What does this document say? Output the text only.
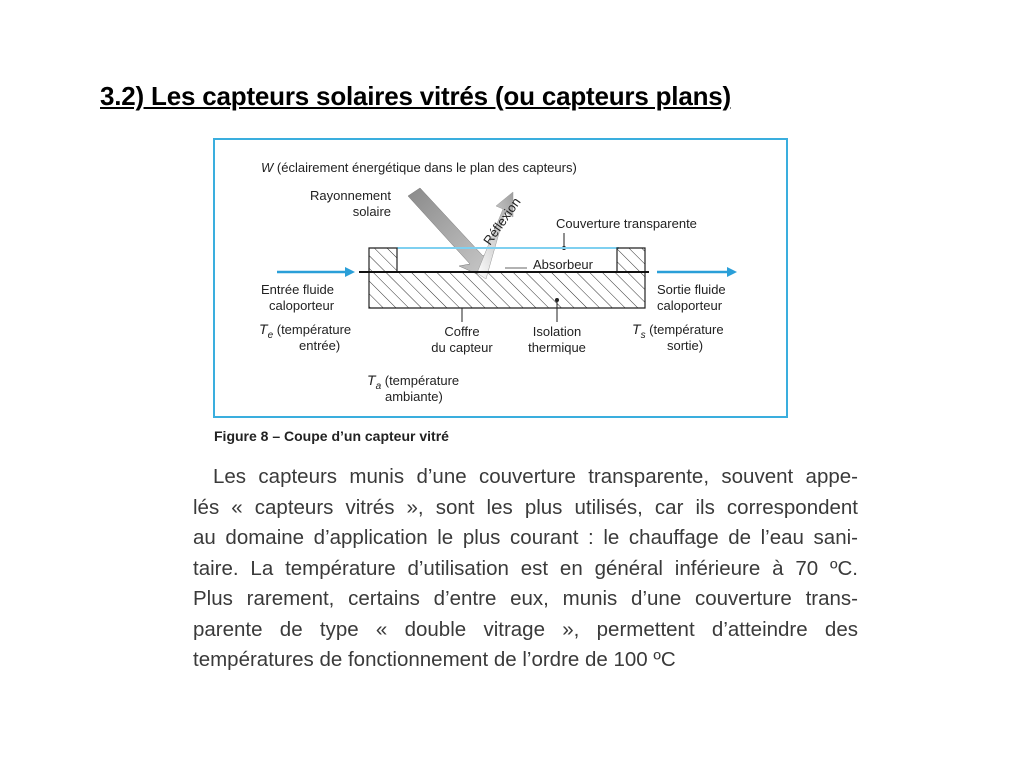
3.2) Les capteurs solaires vitrés (ou capteurs plans)
W (éclairement énergétique dans le plan des capteurs)
Rayonnement
solaire	Réflexion Couverture transparente
Absorbeur
Entrée fluide
caloporteur
Sortie fluide
caloporteur
$T_e$ (température
entrée)
$T_s$ (température
sortie)
Coffre
du capteur
Isolation
thermique
$T_a$ (température
ambiante)
Figure 8 – Coupe d’un capteur vitré
Les capteurs munis d’une couverture transparente, souvent appe-
lés « capteurs vitrés », sont les plus utilisés, car ils correspondent
au domaine d’application le plus courant : le chauffage de l’eau sani-
taire. La température d’utilisation est en général inférieure à 70 ºC.
Plus rarement, certains d’entre eux, munis d’une couverture trans-
parente de type « double vitrage », permettent d’atteindre des
températures de fonctionnement de l’ordre de 100 ºC
